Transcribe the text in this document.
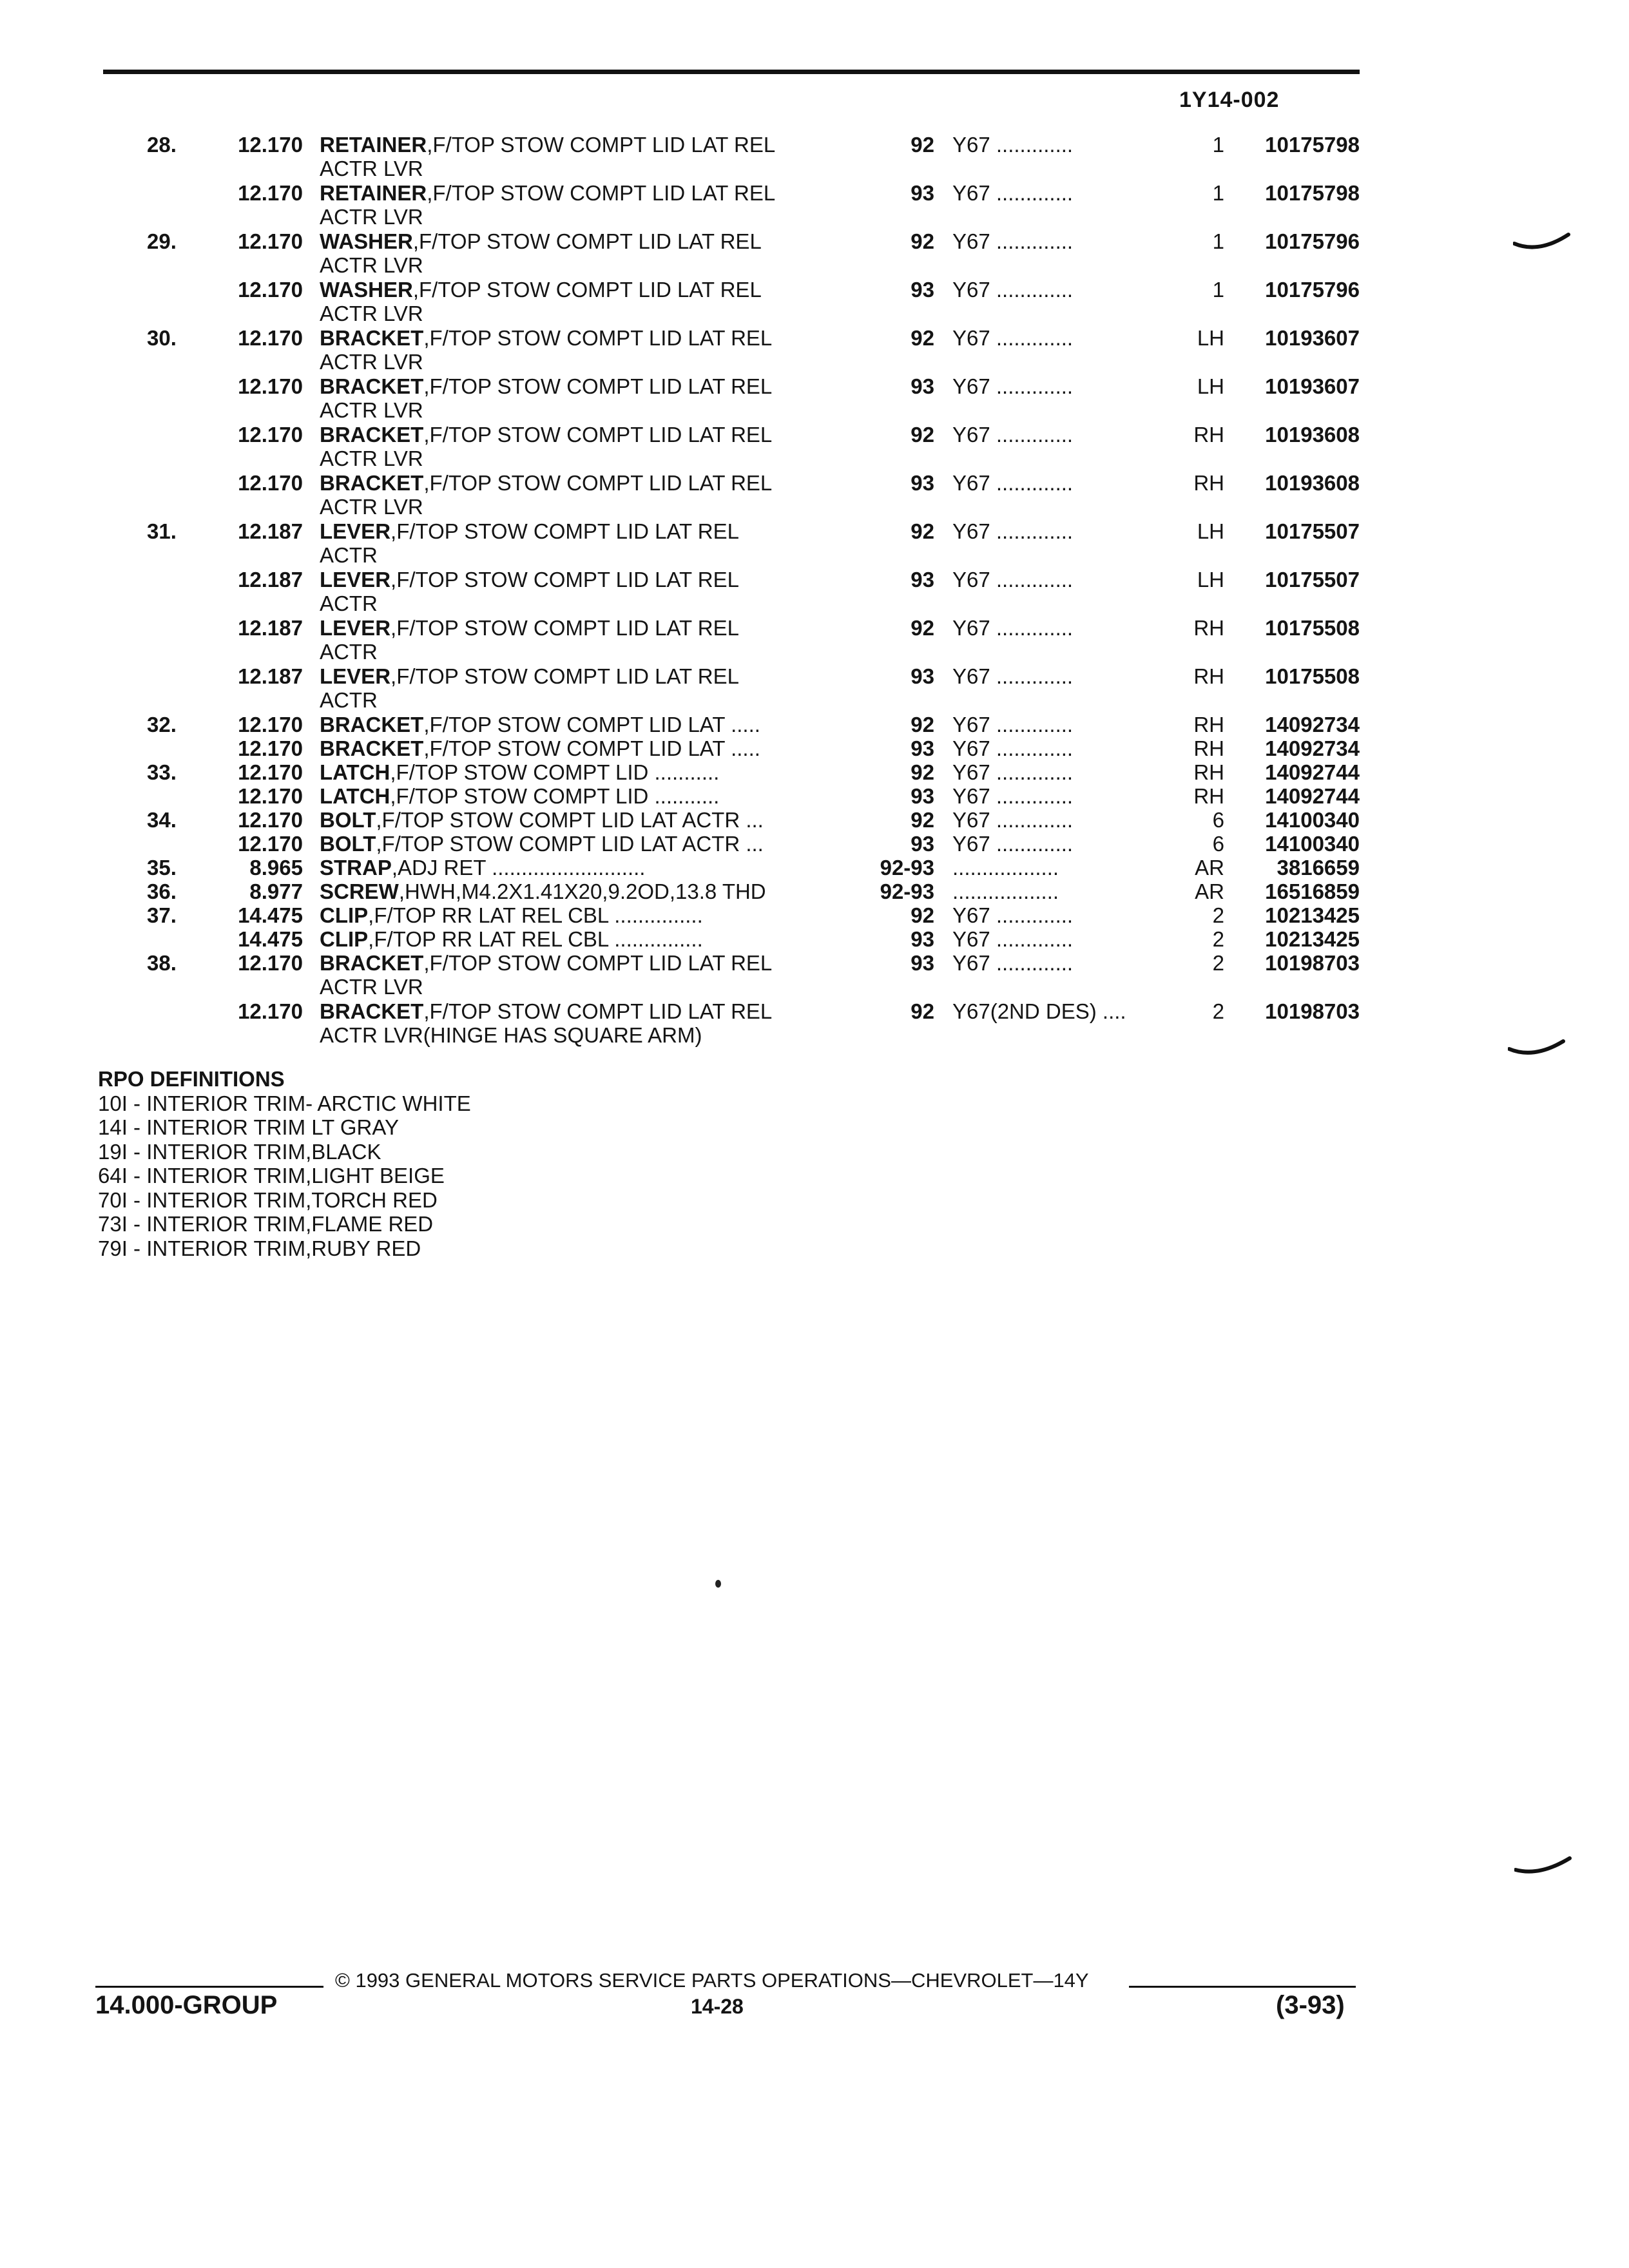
1Y14-002
28.	12.170 RETAINER,F/TOP STOW COMPT LID LAT REL
ACTR LVR
92 Y67 .............	1	10175798
12.170 RETAINER,F/TOP STOW COMPT LID LAT REL
ACTR LVR
93 Y67 .............	1	10175798
29.	12.170 WASHER,F/TOP STOW COMPT LID LAT REL
ACTR LVR
92 Y67 .............	1	10175796
12.170 WASHER,F/TOP STOW COMPT LID LAT REL
ACTR LVR
93 Y67 .............	1	10175796
30.	12.170 BRACKET,F/TOP STOW COMPT LID LAT REL
ACTR LVR
92 Y67 .............	LH	10193607
12.170 BRACKET,F/TOP STOW COMPT LID LAT REL
ACTR LVR
93 Y67 .............	LH	10193607
12.170 BRACKET,F/TOP STOW COMPT LID LAT REL
ACTR LVR
92 Y67 .............	RH	10193608
12.170 BRACKET,F/TOP STOW COMPT LID LAT REL
ACTR LVR
93 Y67 .............	RH	10193608
31.	12.187 LEVER,F/TOP STOW COMPT LID LAT REL
ACTR
92 Y67 .............	LH	10175507
12.187 LEVER,F/TOP STOW COMPT LID LAT REL
ACTR
93 Y67 .............	LH	10175507
12.187 LEVER,F/TOP STOW COMPT LID LAT REL
ACTR
92 Y67 .............	RH	10175508
12.187 LEVER,F/TOP STOW COMPT LID LAT REL
ACTR
93 Y67 .............	RH	10175508
32.	12.170 BRACKET,F/TOP STOW COMPT LID LAT .....	92 Y67 .............	RH	14092734
12.170 BRACKET,F/TOP STOW COMPT LID LAT .....	93 Y67 .............	RH	14092734
33.	12.170 LATCH,F/TOP STOW COMPT LID ...........	92 Y67 .............	RH	14092744
12.170 LATCH,F/TOP STOW COMPT LID ...........	93 Y67 .............	RH	14092744
34.	12.170 BOLT,F/TOP STOW COMPT LID LAT ACTR ...	92 Y67 .............	6	14100340
12.170 BOLT,F/TOP STOW COMPT LID LAT ACTR ...	93 Y67 .............	6	14100340
35.	8.965 STRAP,ADJ RET ..........................	92-93 ..................	AR	3816659
36.	8.977 SCREW,HWH,M4.2X1.41X20,9.2OD,13.8 THD	92-93 ..................	AR	16516859
37.	14.475 CLIP,F/TOP RR LAT REL CBL ...............	92 Y67 .............	2	10213425
14.475 CLIP,F/TOP RR LAT REL CBL ...............	93 Y67 .............	2	10213425
38.	12.170 BRACKET,F/TOP STOW COMPT LID LAT REL
ACTR LVR
93 Y67 .............	2	10198703
12.170 BRACKET,F/TOP STOW COMPT LID LAT REL
ACTR LVR(HINGE HAS SQUARE ARM)
92 Y67(2ND DES) ....	2	10198703
RPO DEFINITIONS
10I - INTERIOR TRIM- ARCTIC WHITE
14I - INTERIOR TRIM LT GRAY
19I - INTERIOR TRIM,BLACK
64I - INTERIOR TRIM,LIGHT BEIGE
70I - INTERIOR TRIM,TORCH RED
73I - INTERIOR TRIM,FLAME RED
79I - INTERIOR TRIM,RUBY RED
© 1993 GENERAL MOTORS SERVICE PARTS OPERATIONS—CHEVROLET—14Y
14.000-GROUP	14-28	(3-93)
